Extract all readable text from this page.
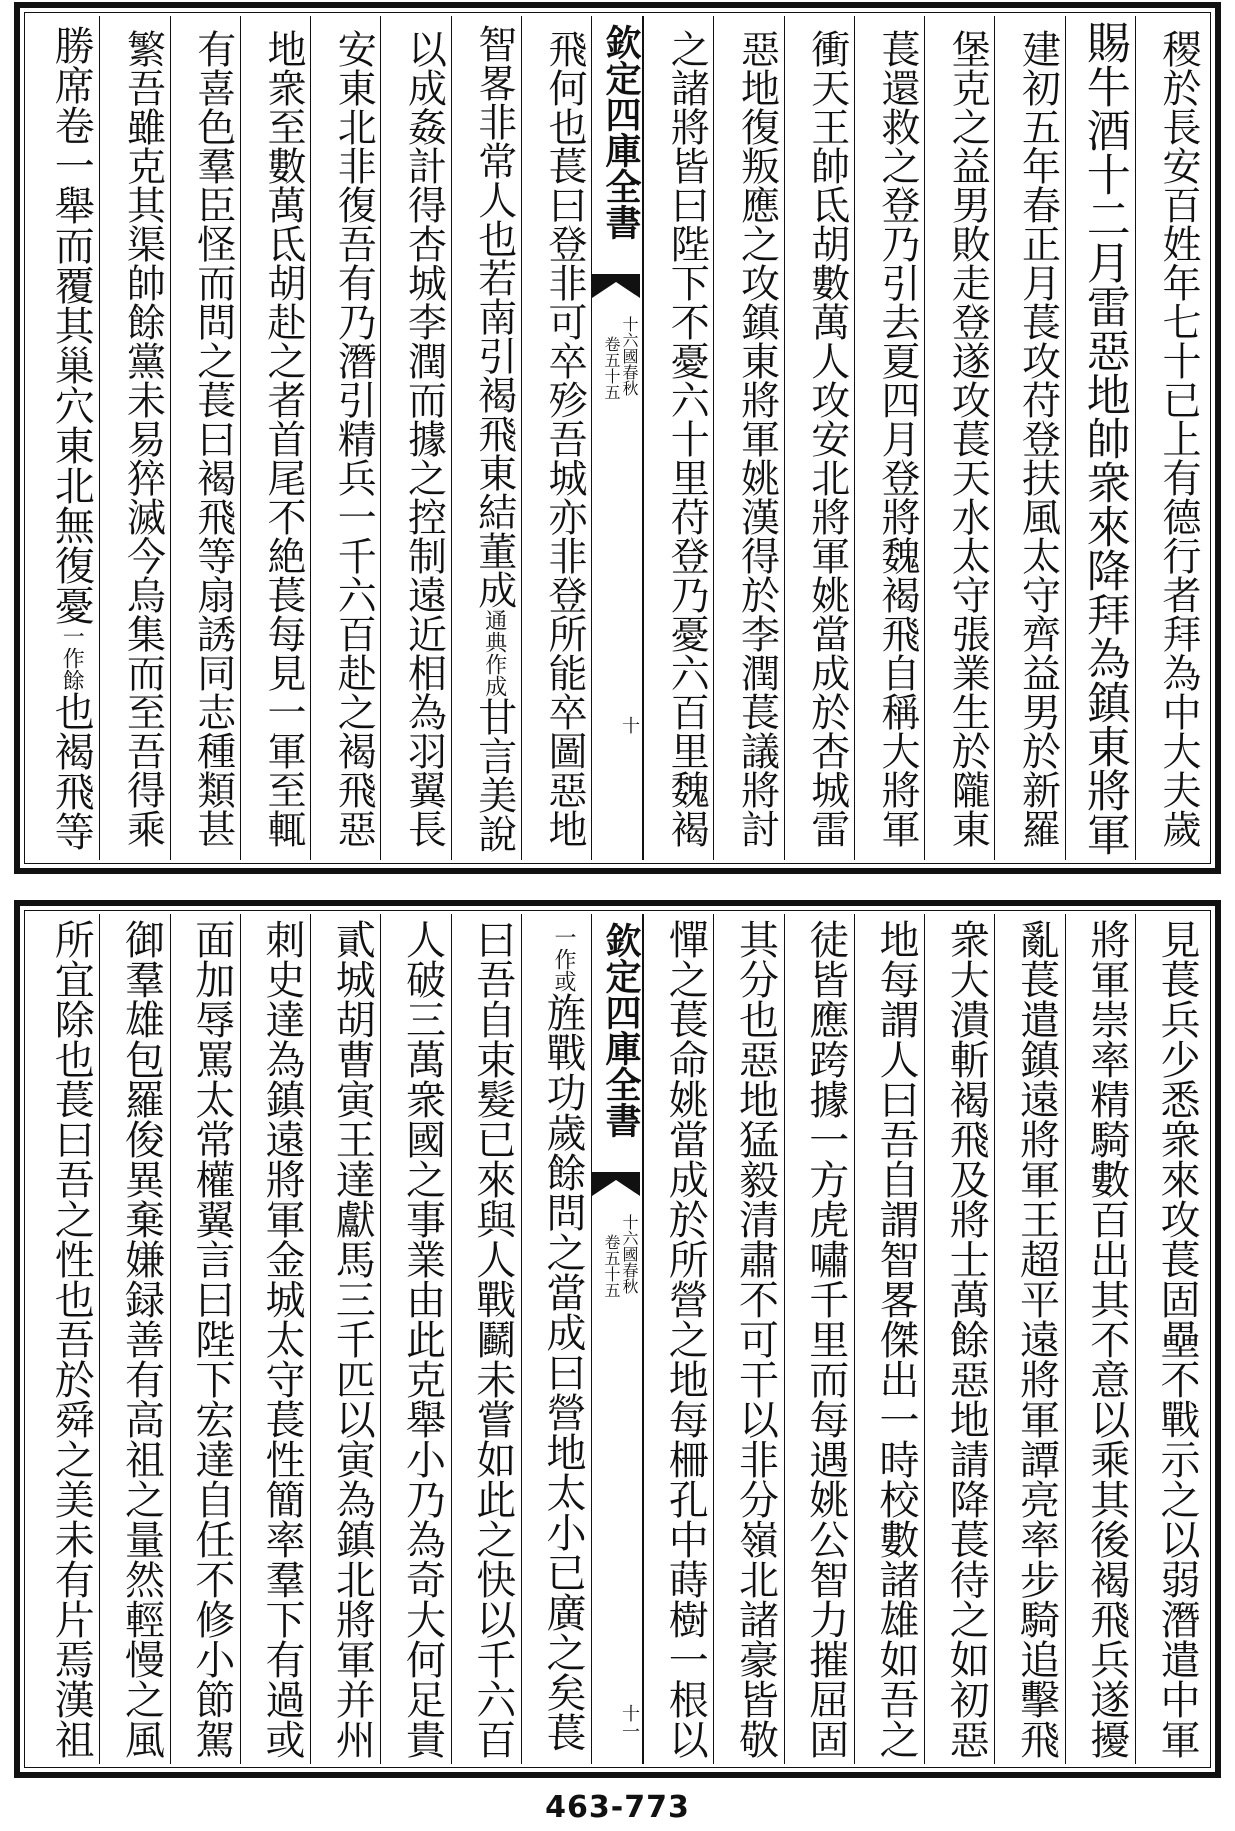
稷於長安百姓年七十已上有德行者拜為中大夫歲
賜牛酒十二月雷惡地帥衆來降拜為鎮東將軍
建初五年春正月萇攻苻登扶風太守齊益男於新羅
堡克之益男敗走登遂攻萇天水太守張業生於隴東
萇還救之登乃引去夏四月登將魏褐飛自稱大將軍
衝天王帥氐胡數萬人攻安北將軍姚當成於杏城雷
惡地復叛應之攻鎮東將軍姚漢得於李潤萇議將討
之諸將皆曰陛下不憂六十里苻登乃憂六百里魏褐
欽定四庫全書
十六國春秋
卷五十五
十
飛何也萇曰登非可卒殄吾城亦非登所能卒圖惡地
智畧非常人也若南引褐飛東結董成通典作成甘言美說
以成姦計得杏城李潤而據之控制遠近相為羽翼長
安東北非復吾有乃潛引精兵一千六百赴之褐飛惡
地衆至數萬氐胡赴之者首尾不絶萇每見一軍至輒
有喜色羣臣怪而問之萇曰褐飛等扇誘同志種類甚
繁吾雖克其渠帥餘黨未易猝滅今烏集而至吾得乘
勝席卷一舉而覆其巢穴東北無復憂一作餘也褐飛等
見萇兵少悉衆來攻萇固壘不戰示之以弱潛遣中軍
將軍崇率精騎數百出其不意以乘其後褐飛兵遂擾
亂萇遣鎮遠將軍王超平遠將軍譚亮率步騎追擊飛
衆大潰斬褐飛及將士萬餘惡地請降萇待之如初惡
地每謂人曰吾自謂智畧傑出一時校數諸雄如吾之
徒皆應跨據一方虎嘯千里而每遇姚公智力摧屈固
其分也惡地猛毅清肅不可干以非分嶺北諸豪皆敬
憚之萇命姚當成於所營之地每柵孔中蒔樹一根以
欽定四庫全書
十六國春秋
卷五十五
十一
一作或旌戰功歲餘問之當成曰營地太小已廣之矣萇
曰吾自束髮已來與人戰鬬未嘗如此之快以千六百
人破三萬衆國之事業由此克舉小乃為奇大何足貴
貳城胡曹寅王達獻馬三千匹以寅為鎮北將軍并州
刺史達為鎮遠將軍金城太守萇性簡率羣下有過或
面加辱罵太常權翼言曰陛下宏達自任不修小節駕
御羣雄包羅俊異棄嫌録善有高祖之量然輕慢之風
所宜除也萇曰吾之性也吾於舜之美未有片焉漢祖
463-773
